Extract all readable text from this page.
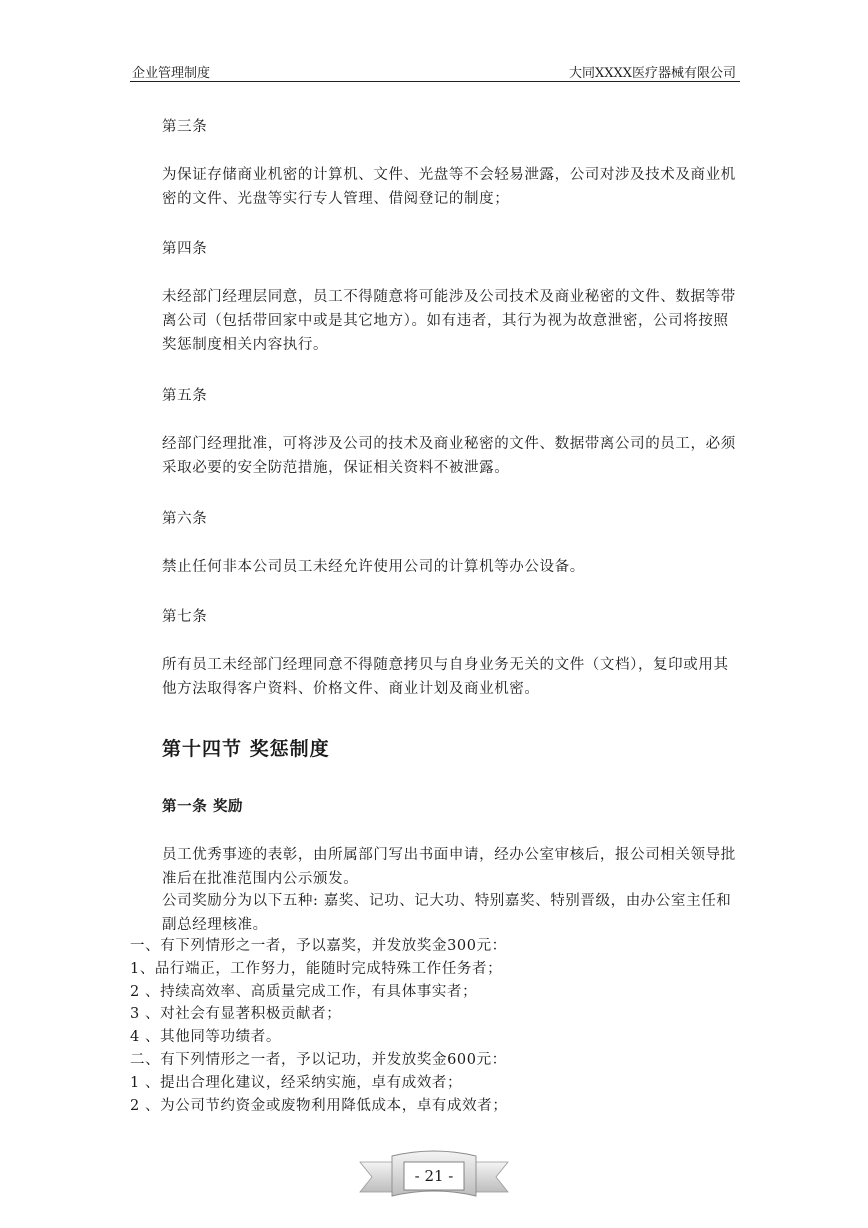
企业管理制度	大同XXXX医疗器械有限公司
第三条
为保证存储商业机密的计算机、文件、光盘等不会轻易泄露，公司对涉及技术及商业机密的文件、光盘等实行专人管理、借阅登记的制度；
第四条
未经部门经理层同意，员工不得随意将可能涉及公司技术及商业秘密的文件、数据等带离公司（包括带回家中或是其它地方）。如有违者，其行为视为故意泄密，公司将按照奖惩制度相关内容执行。
第五条
经部门经理批准，可将涉及公司的技术及商业秘密的文件、数据带离公司的员工，必须采取必要的安全防范措施，保证相关资料不被泄露。
第六条
禁止任何非本公司员工未经允许使用公司的计算机等办公设备。
第七条
所有员工未经部门经理同意不得随意拷贝与自身业务无关的文件（文档），复印或用其他方法取得客户资料、价格文件、商业计划及商业机密。
第十四节 奖惩制度
第一条 奖励
员工优秀事迹的表彰，由所属部门写出书面申请，经办公室审核后，报公司相关领导批准后在批准范围内公示颁发。
公司奖励分为以下五种: 嘉奖、记功、记大功、特别嘉奖、特别晋级，由办公室主任和副总经理核准。
一、有下列情形之一者，予以嘉奖，并发放奖金300元：
1、品行端正，工作努力，能随时完成特殊工作任务者；
2 、持续高效率、高质量完成工作，有具体事实者；
3 、对社会有显著积极贡献者；
4 、其他同等功绩者。
二、有下列情形之一者，予以记功，并发放奖金600元：
1 、提出合理化建议，经采纳实施，卓有成效者；
2 、为公司节约资金或废物利用降低成本，卓有成效者；
- 21 -
